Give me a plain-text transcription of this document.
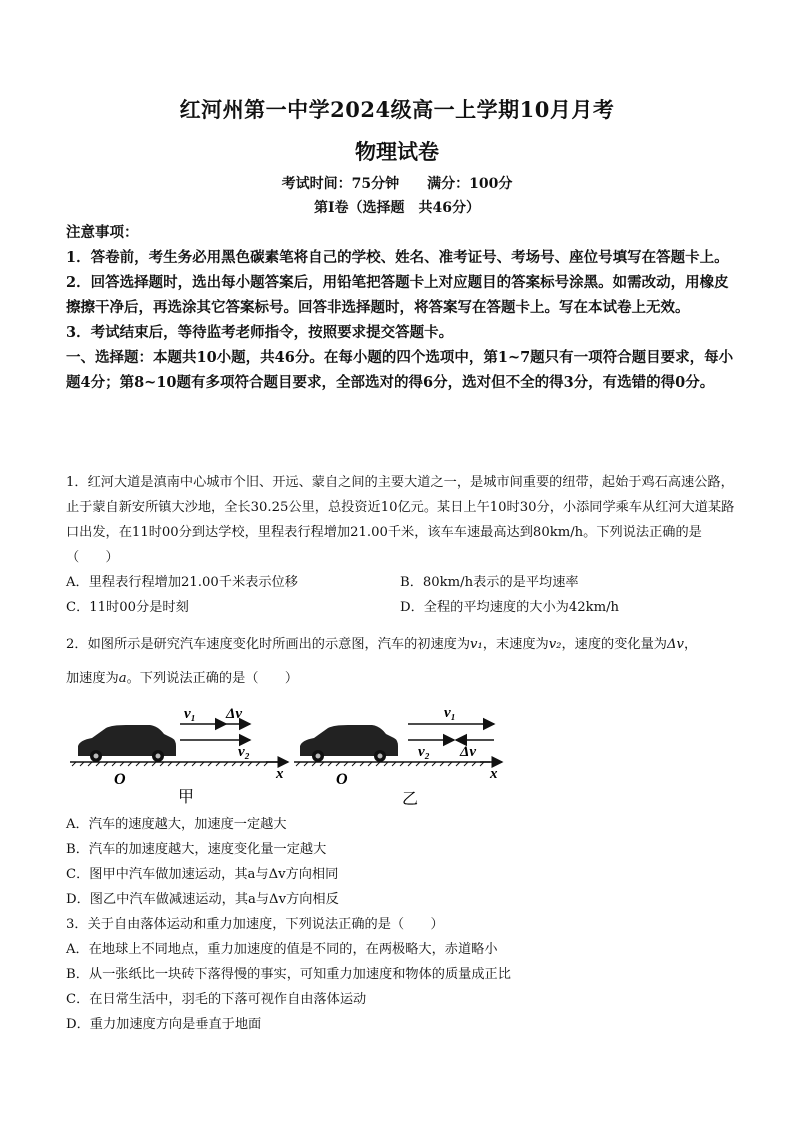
红河州第一中学2024级高一上学期10月月考
物理试卷
考试时间：75分钟 满分：100分
第Ⅰ卷（选择题　共46分）
注意事项：
1．答卷前，考生务必用黑色碳素笔将自己的学校、姓名、准考证号、考场号、座位号填写在答题卡上。
2．回答选择题时，选出每小题答案后，用铅笔把答题卡上对应题目的答案标号涂黑。如需改动，用橡皮擦擦干净后，再选涂其它答案标号。回答非选择题时，将答案写在答题卡上。写在本试卷上无效。
3．考试结束后，等待监考老师指令，按照要求提交答题卡。
一、选择题：本题共10小题，共46分。在每小题的四个选项中，第1~7题只有一项符合题目要求，每小题4分；第8~10题有多项符合题目要求，全部选对的得6分，选对但不全的得3分，有选错的得0分。
1．红河大道是滇南中心城市个旧、开远、蒙自之间的主要大道之一，是城市间重要的纽带，起始于鸡石高速公路，止于蒙自新安所镇大沙地，全长30.25公里，总投资近10亿元。某日上午10时30分，小添同学乘车从红河大道某路口出发，在11时00分到达学校，里程表行程增加21.00千米，该车车速最高达到80km/h。下列说法正确的是（　　）
A．里程表行程增加21.00千米表示位移	B．80km/h表示的是平均速率
C．11时00分是时刻	D．全程的平均速度的大小为42km/h
2．如图所示是研究汽车速度变化时所画出的示意图，汽车的初速度为v₁，末速度为v₂，速度的变化量为Δv，
加速度为a。下列说法正确的是（　　）
v₁ Δv
v₂
O	x
甲
v₁
v₂ Δv
O	x
乙
A．汽车的速度越大，加速度一定越大
B．汽车的加速度越大，速度变化量一定越大
C．图甲中汽车做加速运动，其a与Δv方向相同
D．图乙中汽车做减速运动，其a与Δv方向相反
3．关于自由落体运动和重力加速度，下列说法正确的是（　　）
A．在地球上不同地点，重力加速度的值是不同的，在两极略大，赤道略小
B．从一张纸比一块砖下落得慢的事实，可知重力加速度和物体的质量成正比
C．在日常生活中，羽毛的下落可视作自由落体运动
D．重力加速度方向是垂直于地面
